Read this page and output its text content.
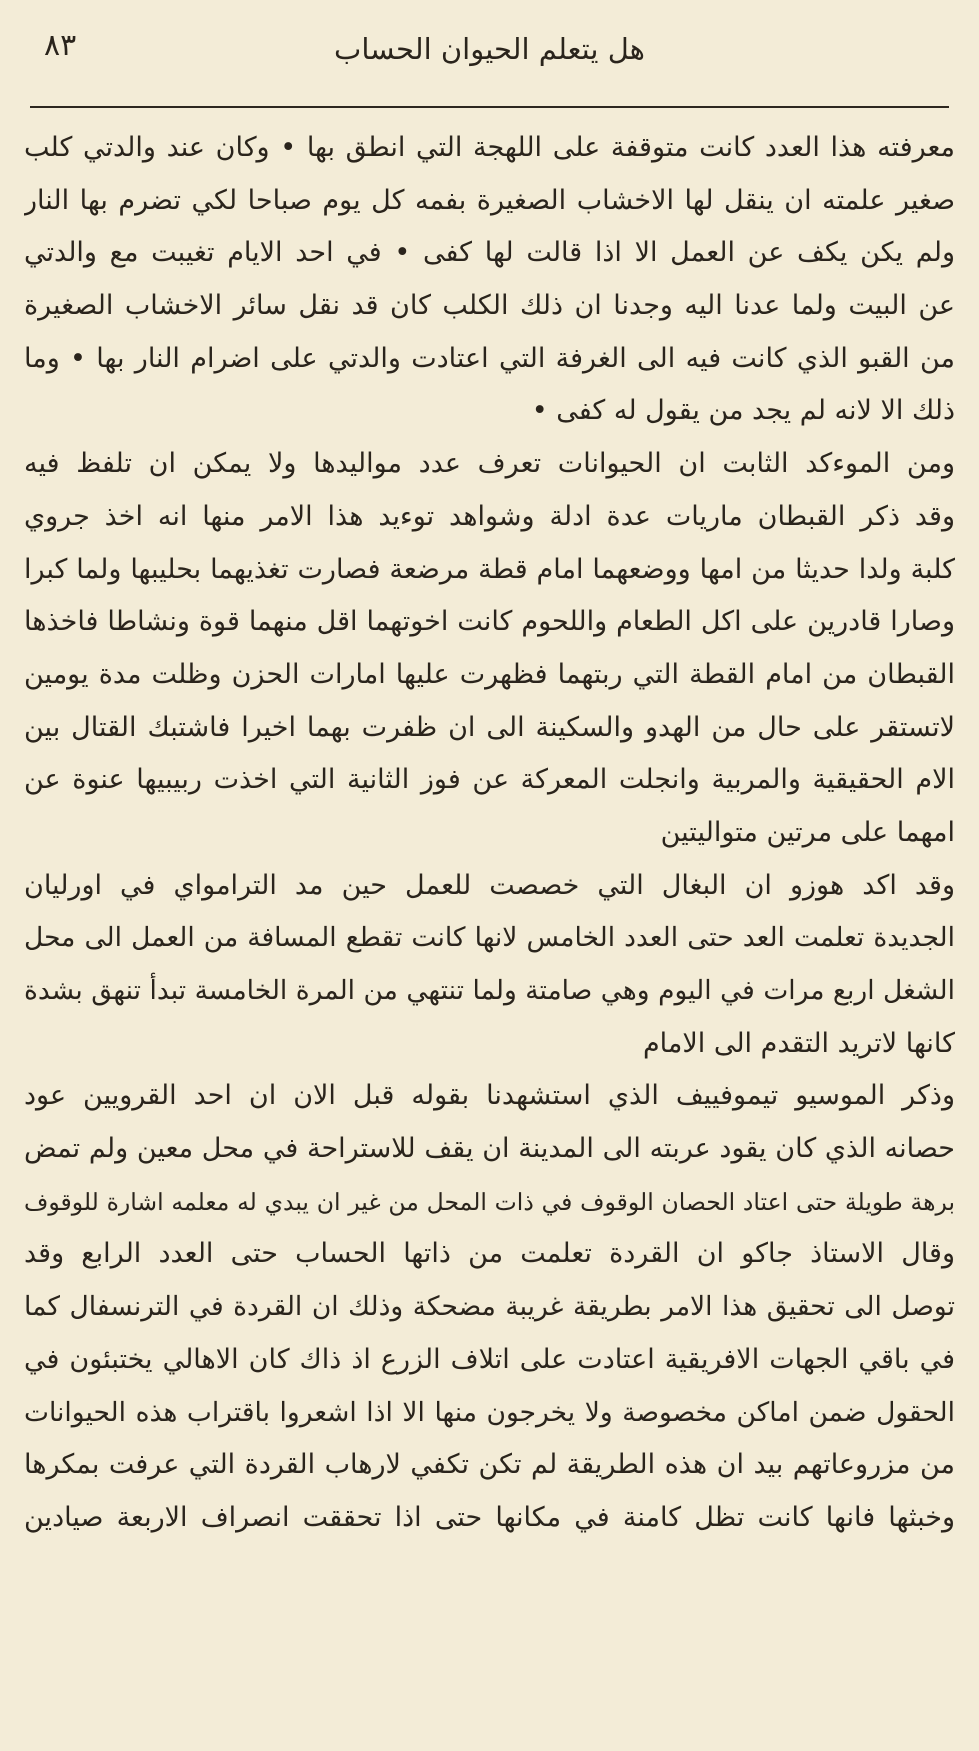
هل يتعلم الحيوان الحساب
٨٣
معرفته هذا العدد كانت متوقفة على اللهجة التي انطق بها • وكان عند والدتي كلب
صغير علمته ان ينقل لها الاخشاب الصغيرة بفمه كل يوم صباحا لكي تضرم بها النار
ولم يكن يكف عن العمل الا اذا قالت لها كفى • في احد الايام تغيبت مع والدتي
عن البيت ولما عدنا اليه وجدنا ان ذلك الكلب كان قد نقل سائر الاخشاب الصغيرة
من القبو الذي كانت فيه الى الغرفة التي اعتادت والدتي على اضرام النار بها • وما
ذلك الا لانه لم يجد من يقول له كفى •
ومن الموءكد الثابت ان الحيوانات تعرف عدد مواليدها ولا يمكن ان تلفظ فيه
وقد ذكر القبطان ماريات عدة ادلة وشواهد توءيد هذا الامر منها انه اخذ جروي
كلبة ولدا حديثا من امها ووضعهما امام قطة مرضعة فصارت تغذيهما بحليبها ولما كبرا
وصارا قادرين على اكل الطعام واللحوم كانت اخوتهما اقل منهما قوة ونشاطا فاخذها
القبطان من امام القطة التي ربتهما فظهرت عليها امارات الحزن وظلت مدة يومين
لاتستقر على حال من الهدو والسكينة الى ان ظفرت بهما اخيرا فاشتبك القتال بين
الام الحقيقية والمربية وانجلت المعركة عن فوز الثانية التي اخذت ربيبيها عنوة عن
امهما على مرتين متواليتين
وقد اكد هوزو ان البغال التي خصصت للعمل حين مد الترامواي في اورليان
الجديدة تعلمت العد حتى العدد الخامس لانها كانت تقطع المسافة من العمل الى محل
الشغل اربع مرات في اليوم وهي صامتة ولما تنتهي من المرة الخامسة تبدأ تنهق بشدة
كانها لاتريد التقدم الى الامام
وذكر الموسيو تيموفييف الذي استشهدنا بقوله قبل الان ان احد القرويين عود
حصانه الذي كان يقود عربته الى المدينة ان يقف للاستراحة في محل معين ولم تمض
برهة طويلة حتى اعتاد الحصان الوقوف في ذات المحل من غير ان يبدي له معلمه اشارة للوقوف
وقال الاستاذ جاكو ان القردة تعلمت من ذاتها الحساب حتى العدد الرابع وقد
توصل الى تحقيق هذا الامر بطريقة غريبة مضحكة وذلك ان القردة في الترنسفال كما
في باقي الجهات الافريقية اعتادت على اتلاف الزرع اذ ذاك كان الاهالي يختبئون في
الحقول ضمن اماكن مخصوصة ولا يخرجون منها الا اذا اشعروا باقتراب هذه الحيوانات
من مزروعاتهم بيد ان هذه الطريقة لم تكن تكفي لارهاب القردة التي عرفت بمكرها
وخبثها فانها كانت تظل كامنة في مكانها حتى اذا تحققت انصراف الاربعة صيادين
